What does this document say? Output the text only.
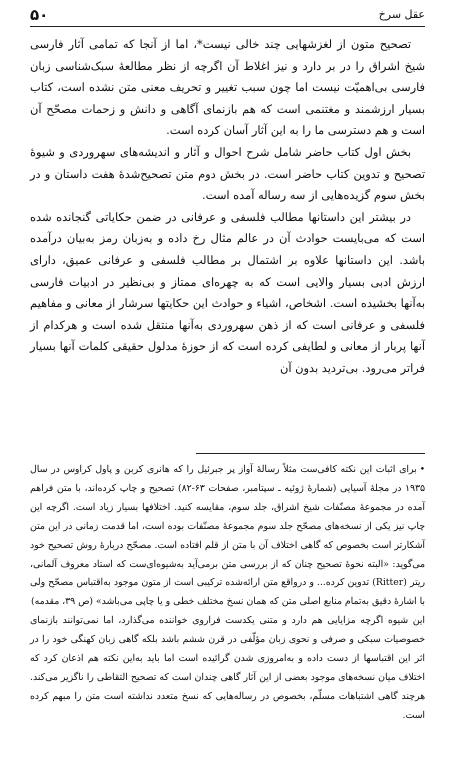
۵۰	عقل سرخ

تصحیح متون از لغزشهایی چند خالی نیست*، اما از آنجا که تمامی آثار فارسی شیخ اشراق را در بر دارد و نیز اغلاط آن اگرچه از نظر مطالعهٔ سبک‌شناسی زبان فارسی بی‌اهمیّت نیست اما چون سبب تغییر و تحریف معنی متن نشده است، کتاب بسیار ارزشمند و مغتنمی است که هم بازنمای آگاهی و دانش و زحمات مصحّح آن است و هم دسترسی ما را به این آثار آسان کرده است.

بخش اول کتاب حاضر شامل شرح احوال و آثار و اندیشه‌های سهروردی و شیوهٔ تصحیح و تدوین کتاب حاضر است. در بخش دوم متن تصحیح‌شدهٔ هفت داستان و در بخش سوم گزیده‌هایی از سه رساله آمده است.

در بیشتر این داستانها مطالب فلسفی و عرفانی در ضمن حکایاتی گنجانده شده است که می‌بایست حوادث آن در عالم مثال رخ داده و به‌زبان رمز به‌بیان درآمده باشد. این داستانها علاوه بر اشتمال بر مطالب فلسفی و عرفانی عمیق، دارای ارزش ادبی بسیار والایی است که به چهره‌ای ممتاز و بی‌نظیر در ادبیات فارسی به‌آنها بخشیده است. اشخاص، اشیاء و حوادث این حکایتها سرشار از معانی و مفاهیم فلسفی و عرفانی است که از ذهن سهروردی به‌آنها منتقل شده است و هرکدام از آنها پربار از معانی و لطایفی کرده است که از حوزهٔ مدلول حقیقی کلمات آنها بسیار فراتر می‌رود. بی‌تردید بدون آن

•برای اثبات این نکته کافی‌ست مثلاً رسالهٔ آواز پر جبرئیل را که هانری کربن و پاول کراوس در سال ۱۹۳۵ در مجلهٔ آسیایی (شمارهٔ ژوئیه ـ سپتامبر، صفحات ۶۳-۸۲) تصحیح و چاپ کرده‌اند، با متن فراهم آمده در مجموعهٔ مصنّفات شیخ اشراق، جلد سوم، مقایسه کنید. اختلافها بسیار زیاد است. اگرچه این چاپ نیز یکی از نسخه‌های مصحّح جلد سوم مجموعهٔ مصنّفات بوده است، اما قدمت زمانی در این متن آشکارتر است بخصوص که گاهی اختلاف آن با متن از قلم افتاده است. مصحّح دربارهٔ روش تصحیح خود می‌گوید: «البته نحوهٔ تصحیح چنان که از بررسی متن برمی‌آید به‌شیوه‌ای‌ست که استاد معروف آلمانی، ریتر (Ritter) تدوین کرده... و درواقع متن ارائه‌شده ترکیبی است از متون موجود به‌اقتباس مصحّح ولی با اشارهٔ دقیق به‌تمام منابع اصلی متن که همان نسخ مختلف خطی و یا چاپی می‌باشد» (ص ۳۹، مقدمه)

این شیوه اگرچه مزایایی هم دارد و متنی یکدست فراروی خواننده می‌گذارد، اما نمی‌توانند بازنمای خصوصیات سبکی و صرفی و نحوی زبان مؤلّفی در قرن ششم باشد بلکه گاهی زبان کهنگی خود را در اثر این اقتباسها از دست داده و به‌امروزی شدن گرائیده است اما باید به‌این نکته هم اذعان کرد که اختلاف میان نسخه‌های موجود بعضی از این آثار گاهی چندان است که تصحیح التقاطی را ناگزیر می‌کند. هرچند گاهی اشتباهات مسلّم، بخصوص در رساله‌هایی که نسخ متعدد نداشته است متن را مبهم کرده است.
